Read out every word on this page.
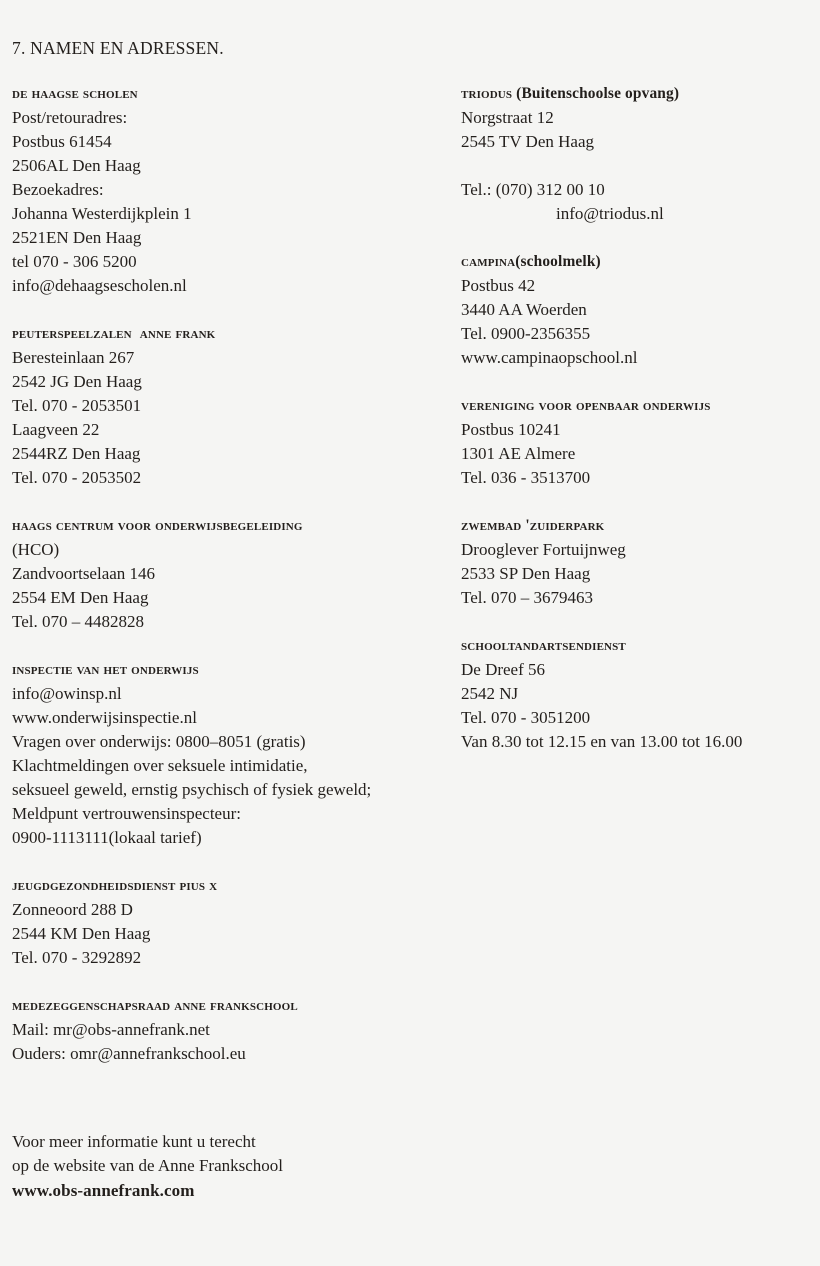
7. NAMEN EN ADRESSEN.
de haagse scholen
Post/retouradres:
Postbus 61454
2506AL Den Haag
Bezoekadres:
Johanna Westerdijkplein 1
2521EN Den Haag
tel 070 - 306 5200
info@dehaagsescholen.nl
peuterspeelzalen  anne frank
Beresteinlaan 267
2542 JG Den Haag
Tel. 070 - 2053501
Laagveen 22
2544RZ Den Haag
Tel. 070 - 2053502
haags centrum voor onderwijsbegeleiding
(HCO)
Zandvoortselaan 146
2554 EM Den Haag
Tel. 070 – 4482828
inspectie van het onderwijs
info@owinsp.nl
www.onderwijsinspectie.nl
Vragen over onderwijs: 0800–8051 (gratis)
Klachtmeldingen over seksuele intimidatie,
seksueel geweld, ernstig psychisch of fysiek geweld;
Meldpunt vertrouwensinspecteur:
0900-1113111(lokaal tarief)
jeugdgezondheidsdienst pius x
Zonneoord 288 D
2544 KM Den Haag
Tel. 070 - 3292892
medezeggenschapsraad anne frankschool
Mail: mr@obs-annefrank.net
Ouders: omr@annefrankschool.eu
triodus (Buitenschoolse opvang)
Norgstraat 12
2545 TV Den Haag
Tel.: (070) 312 00 10
info@triodus.nl
campina(schoolmelk)
Postbus 42
3440 AA Woerden
Tel. 0900-2356355
www.campinaopschool.nl
vereniging voor openbaar onderwijs
Postbus 10241
1301 AE Almere
Tel. 036 - 3513700
zwembad 'zuiderpark
Drooglever Fortuijnweg
2533 SP Den Haag
Tel. 070 – 3679463
schooltandartsendienst
De Dreef 56
2542 NJ
Tel. 070 - 3051200
Van 8.30 tot 12.15 en van 13.00 tot 16.00

Voor meer informatie kunt u terecht

op de website van de Anne Frankschool

www.obs-annefrank.com
